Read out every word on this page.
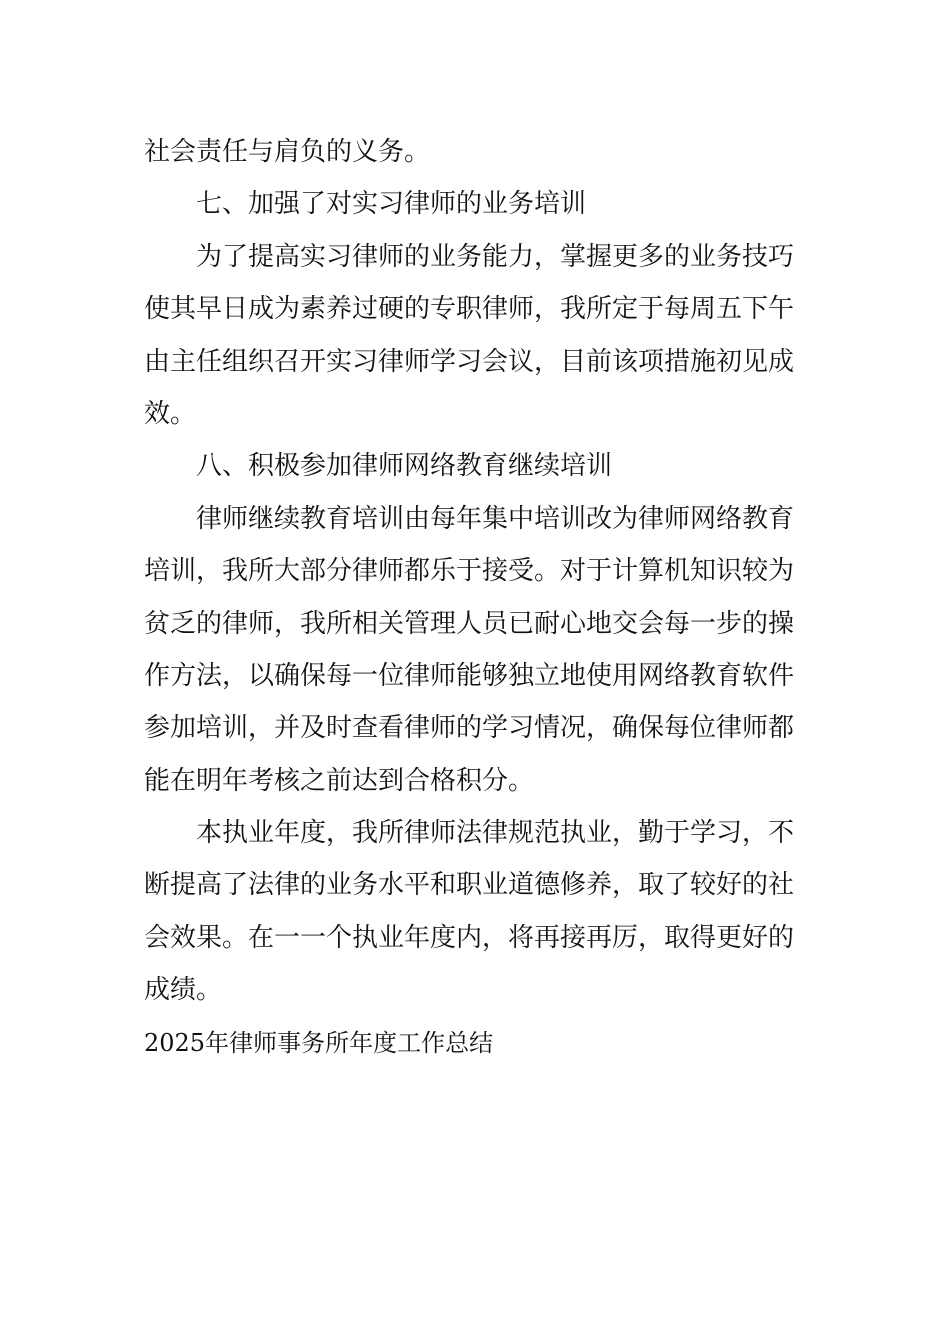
社会责任与肩负的义务。
七、加强了对实习律师的业务培训
为了提高实习律师的业务能力，掌握更多的业务技巧
使其早日成为素养过硬的专职律师，我所定于每周五下午
由主任组织召开实习律师学习会议，目前该项措施初见成
效。
八、积极参加律师网络教育继续培训
律师继续教育培训由每年集中培训改为律师网络教育
培训，我所大部分律师都乐于接受。对于计算机知识较为
贫乏的律师，我所相关管理人员已耐心地交会每一步的操
作方法，以确保每一位律师能够独立地使用网络教育软件
参加培训，并及时查看律师的学习情况，确保每位律师都
能在明年考核之前达到合格积分。
本执业年度，我所律师法律规范执业，勤于学习，不
断提高了法律的业务水平和职业道德修养，取了较好的社
会效果。在一一个执业年度内，将再接再厉，取得更好的
成绩。
2025年律师事务所年度工作总结
